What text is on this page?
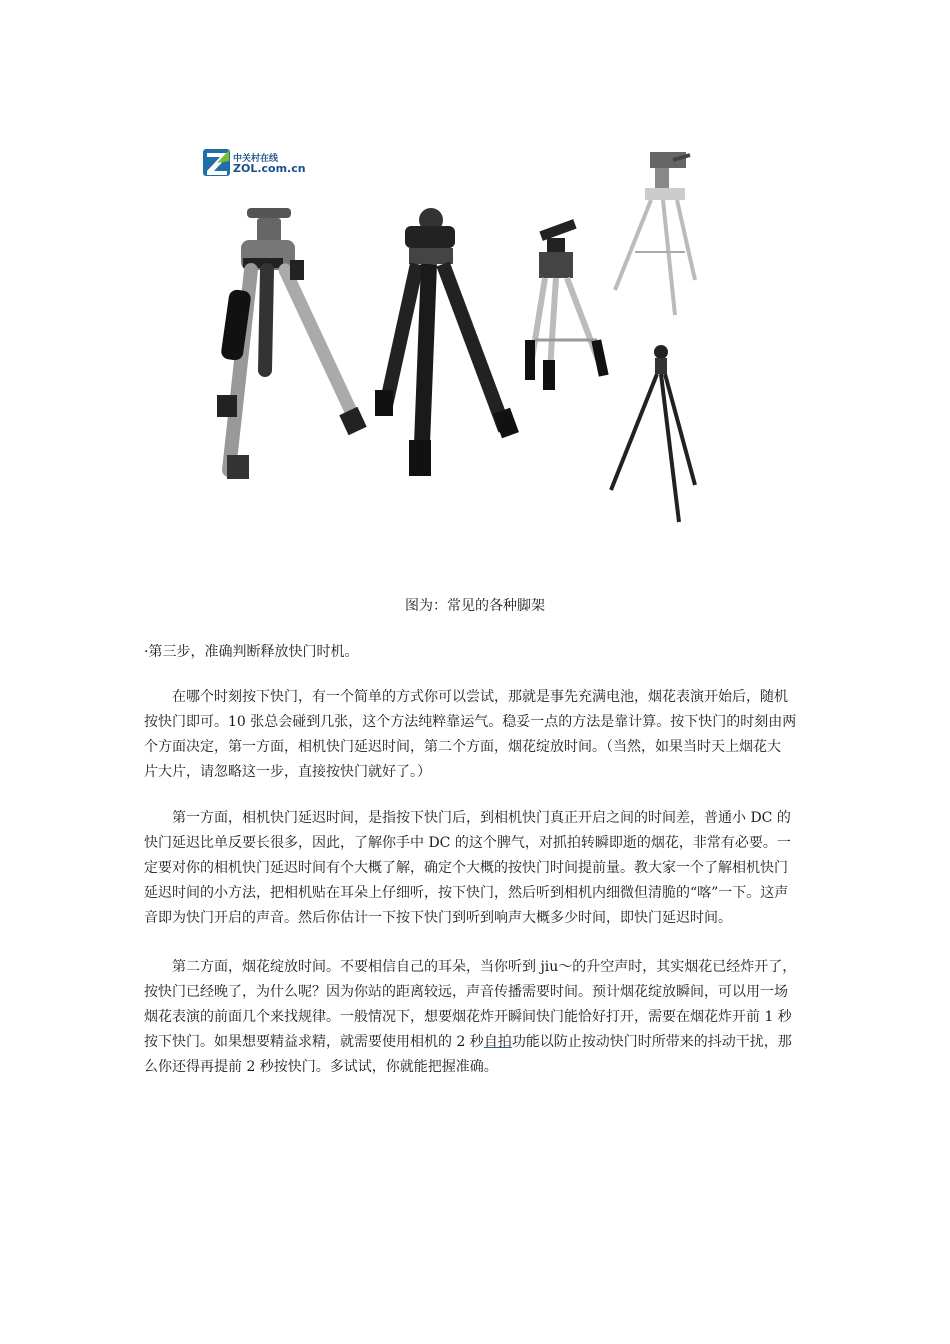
中关村在线
ZOL.com.cn
图为：常见的各种脚架
·第三步，准确判断释放快门时机。
　　在哪个时刻按下快门，有一个简单的方式你可以尝试，那就是事先充满电池，烟花表演开始后，随机
按快门即可。10 张总会碰到几张，这个方法纯粹靠运气。稳妥一点的方法是靠计算。按下快门的时刻由两
个方面决定，第一方面，相机快门延迟时间，第二个方面，烟花绽放时间。（当然，如果当时天上烟花大
片大片，请忽略这一步，直接按快门就好了。）
　　第一方面，相机快门延迟时间，是指按下快门后，到相机快门真正开启之间的时间差，普通小 DC 的
快门延迟比单反要长很多，因此，了解你手中 DC 的这个脾气，对抓拍转瞬即逝的烟花，非常有必要。一
定要对你的相机快门延迟时间有个大概了解，确定个大概的按快门时间提前量。教大家一个了解相机快门
延迟时间的小方法，把相机贴在耳朵上仔细听，按下快门，然后听到相机内细微但清脆的“喀”一下。这声
音即为快门开启的声音。然后你估计一下按下快门到听到响声大概多少时间，即快门延迟时间。
　　第二方面，烟花绽放时间。不要相信自己的耳朵，当你听到 jiu～的升空声时，其实烟花已经炸开了，
按快门已经晚了，为什么呢？因为你站的距离较远，声音传播需要时间。预计烟花绽放瞬间，可以用一场
烟花表演的前面几个来找规律。一般情况下，想要烟花炸开瞬间快门能恰好打开，需要在烟花炸开前 1 秒
按下快门。如果想要精益求精，就需要使用相机的 2 秒自拍功能以防止按动快门时所带来的抖动干扰，那
么你还得再提前 2 秒按快门。多试试，你就能把握准确。
